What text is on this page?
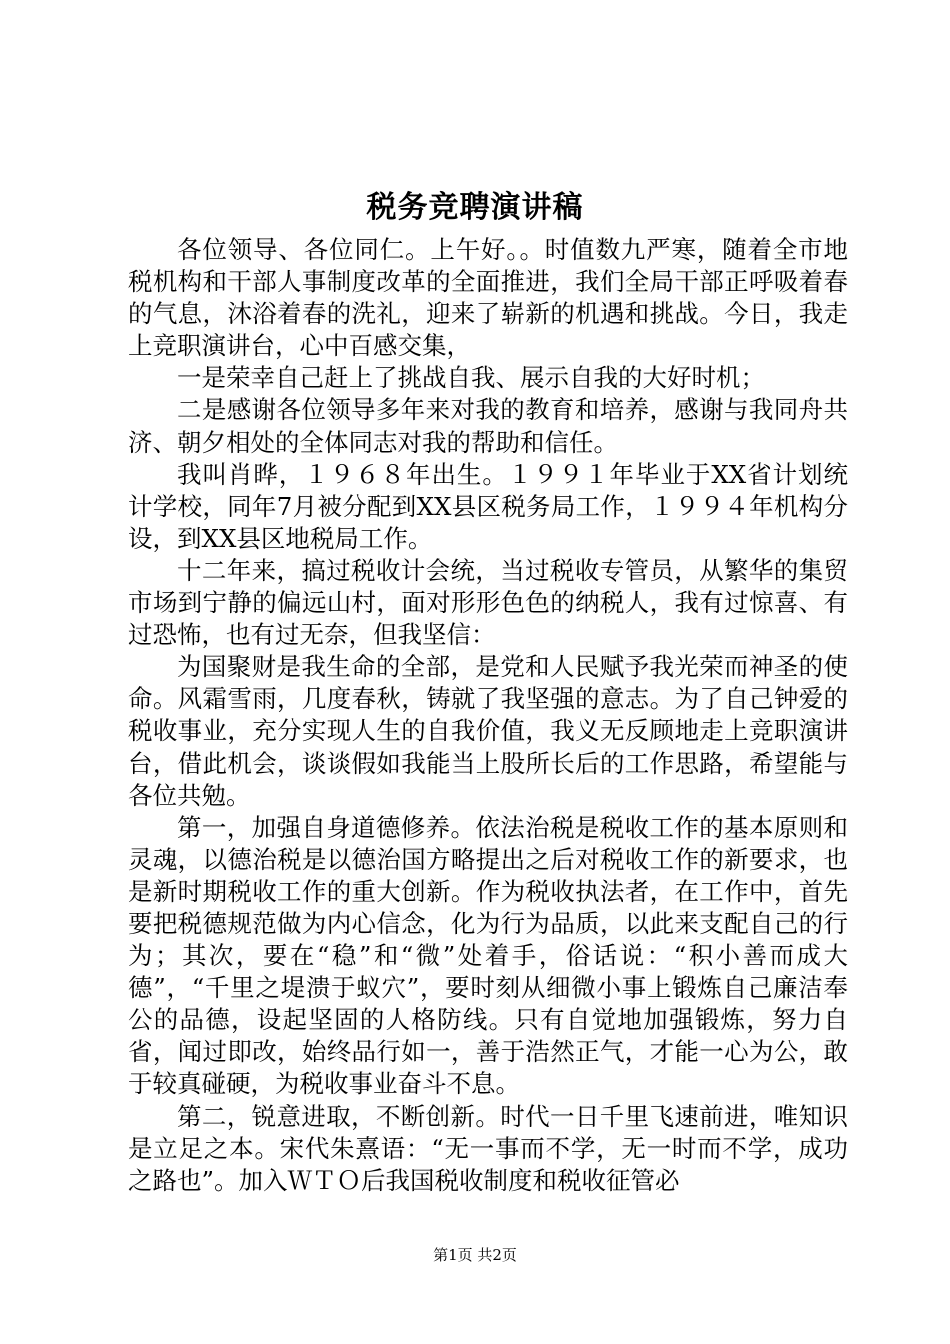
税务竞聘演讲稿

各位领导、各位同仁。上午好。。时值数九严寒，随着全市地税机构和干部人事制度改革的全面推进，我们全局干部正呼吸着春的气息，沐浴着春的洗礼，迎来了崭新的机遇和挑战。今日，我走上竞职演讲台，心中百感交集，

一是荣幸自己赶上了挑战自我、展示自我的大好时机；

二是感谢各位领导多年来对我的教育和培养，感谢与我同舟共济、朝夕相处的全体同志对我的帮助和信任。

我叫肖晔，１９６８年出生。１９９１年毕业于XX省计划统计学校，同年7月被分配到XX县区税务局工作，１９９４年机构分设，到XX县区地税局工作。

十二年来，搞过税收计会统，当过税收专管员，从繁华的集贸市场到宁静的偏远山村，面对形形色色的纳税人，我有过惊喜、有过恐怖，也有过无奈，但我坚信：

为国聚财是我生命的全部，是党和人民赋予我光荣而神圣的使命。风霜雪雨，几度春秋，铸就了我坚强的意志。为了自己钟爱的税收事业，充分实现人生的自我价值，我义无反顾地走上竞职演讲台，借此机会，谈谈假如我能当上股所长后的工作思路，希望能与各位共勉。

第一，加强自身道德修养。依法治税是税收工作的基本原则和灵魂，以德治税是以德治国方略提出之后对税收工作的新要求，也是新时期税收工作的重大创新。作为税收执法者，在工作中，首先要把税德规范做为内心信念，化为行为品质，以此来支配自己的行为；其次，要在“稳”和“微”处着手，俗话说：“积小善而成大德”，“千里之堤溃于蚁穴”，要时刻从细微小事上锻炼自己廉洁奉公的品德，设起坚固的人格防线。只有自觉地加强锻炼，努力自省，闻过即改，始终品行如一，善于浩然正气，才能一心为公，敢于较真碰硬，为税收事业奋斗不息。

第二，锐意进取，不断创新。时代一日千里飞速前进，唯知识是立足之本。宋代朱熹语：“无一事而不学，无一时而不学，成功之路也”。加入ＷＴＯ后我国税收制度和税收征管必

第1页 共2页
